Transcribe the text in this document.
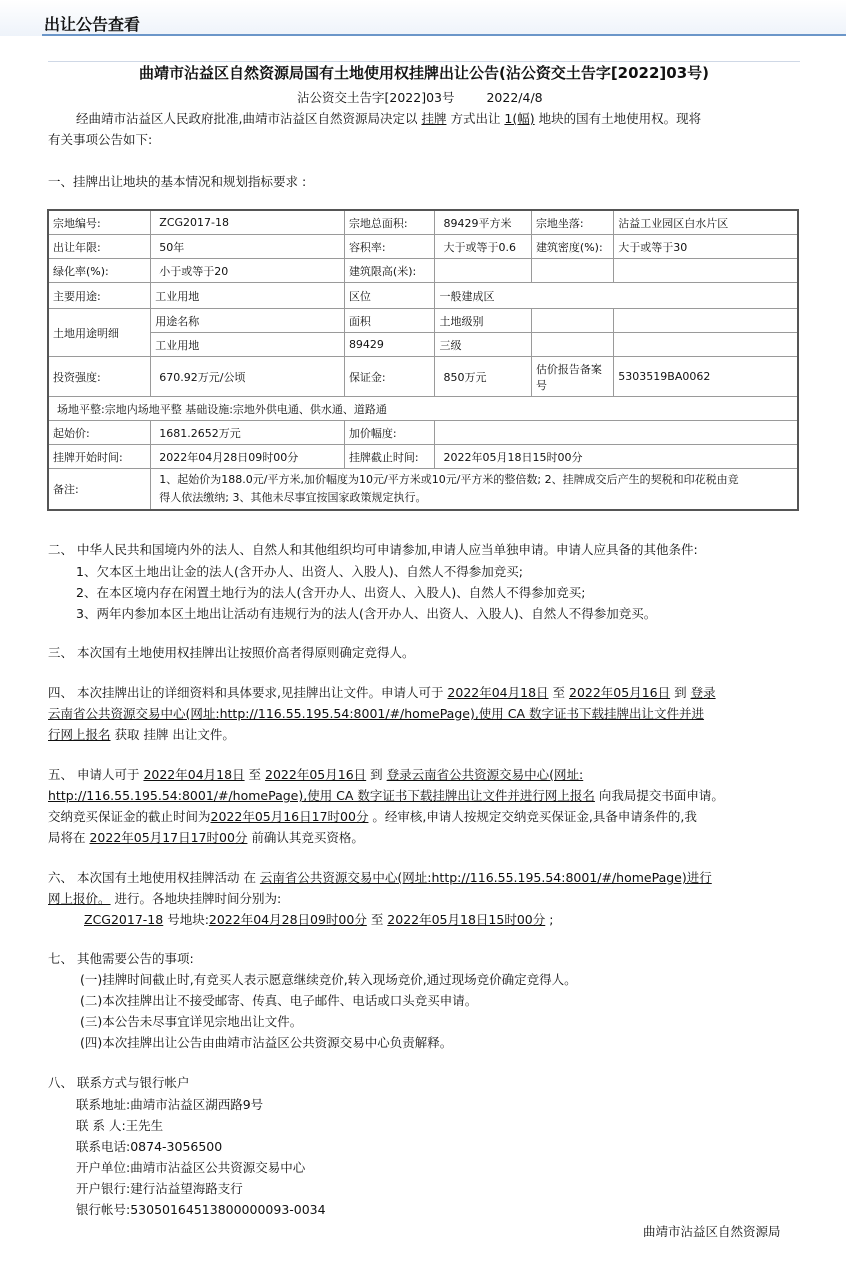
出让公告查看
曲靖市沾益区自然资源局国有土地使用权挂牌出让公告(沾公资交土告字[2022]03号)
沾公资交土告字[2022]03号	2022/4/8
经曲靖市沾益区人民政府批准,曲靖市沾益区自然资源局决定以 挂牌 方式出让 1(幅) 地块的国有土地使用权。现将
有关事项公告如下:
一、挂牌出让地块的基本情况和规划指标要求 :
宗地编号:	ZCG2017-18	宗地总面积:	89429平方米	宗地坐落:	沾益工业园区白水片区
出让年限:	50年	容积率:	大于或等于0.6	建筑密度(%):	大于或等于30
绿化率(%):	小于或等于20	建筑限高(米):			
主要用途:	工业用地	区位	一般建成区		
土地用途明细	用途名称	面积	土地级别		
	工业用地	89429	三级		
投资强度:	670.92万元/公顷	保证金:	850万元	估价报告备案号	5303519BA0062
场地平整:宗地内场地平整 基础设施:宗地外供电通、供水通、道路通					
起始价:	1681.2652万元	加价幅度:			
挂牌开始时间:	2022年04月28日09时00分	挂牌截止时间:	2022年05月18日15时00分		
备注:	1、起始价为188.0元/平方米,加价幅度为10元/平方米或10元/平方米的整倍数; 2、挂牌成交后产生的契税和印花税由竞
得人依法缴纳; 3、其他未尽事宜按国家政策规定执行。				

二、 中华人民共和国境内外的法人、自然人和其他组织均可申请参加,申请人应当单独申请。申请人应具备的其他条件:

1、欠本区土地出让金的法人(含开办人、出资人、入股人)、自然人不得参加竞买;

2、在本区境内存在闲置土地行为的法人(含开办人、出资人、入股人)、自然人不得参加竞买;

3、两年内参加本区土地出让活动有违规行为的法人(含开办人、出资人、入股人)、自然人不得参加竞买。

三、 本次国有土地使用权挂牌出让按照价高者得原则确定竞得人。

四、 本次挂牌出让的详细资料和具体要求,见挂牌出让文件。申请人可于 2022年04月18日 至 2022年05月16日 到 登录

云南省公共资源交易中心(网址:http://116.55.195.54:8001/#/homePage),使用 CA 数字证书下载挂牌出让文件并进

行网上报名 获取 挂牌 出让文件。

五、 申请人可于 2022年04月18日 至 2022年05月16日 到 登录云南省公共资源交易中心(网址:

http://116.55.195.54:8001/#/homePage),使用 CA 数字证书下载挂牌出让文件并进行网上报名 向我局提交书面申请。

交纳竞买保证金的截止时间为2022年05月16日17时00分 。经审核,申请人按规定交纳竞买保证金,具备申请条件的,我

局将在 2022年05月17日17时00分 前确认其竞买资格。

六、 本次国有土地使用权挂牌活动 在 云南省公共资源交易中心(网址:http://116.55.195.54:8001/#/homePage)进行

网上报价。 进行。各地块挂牌时间分别为:

ZCG2017-18 号地块:2022年04月28日09时00分 至 2022年05月18日15时00分 ;

七、 其他需要公告的事项:

(一)挂牌时间截止时,有竞买人表示愿意继续竞价,转入现场竞价,通过现场竞价确定竞得人。

(二)本次挂牌出让不接受邮寄、传真、电子邮件、电话或口头竞买申请。

(三)本公告未尽事宜详见宗地出让文件。

(四)本次挂牌出让公告由曲靖市沾益区公共资源交易中心负责解释。

八、 联系方式与银行帐户

联系地址:曲靖市沾益区湖西路9号

联 系 人:王先生

联系电话:0874-3056500

开户单位:曲靖市沾益区公共资源交易中心

开户银行:建行沾益望海路支行

银行帐号:53050164513800000093-0034

曲靖市沾益区自然资源局
